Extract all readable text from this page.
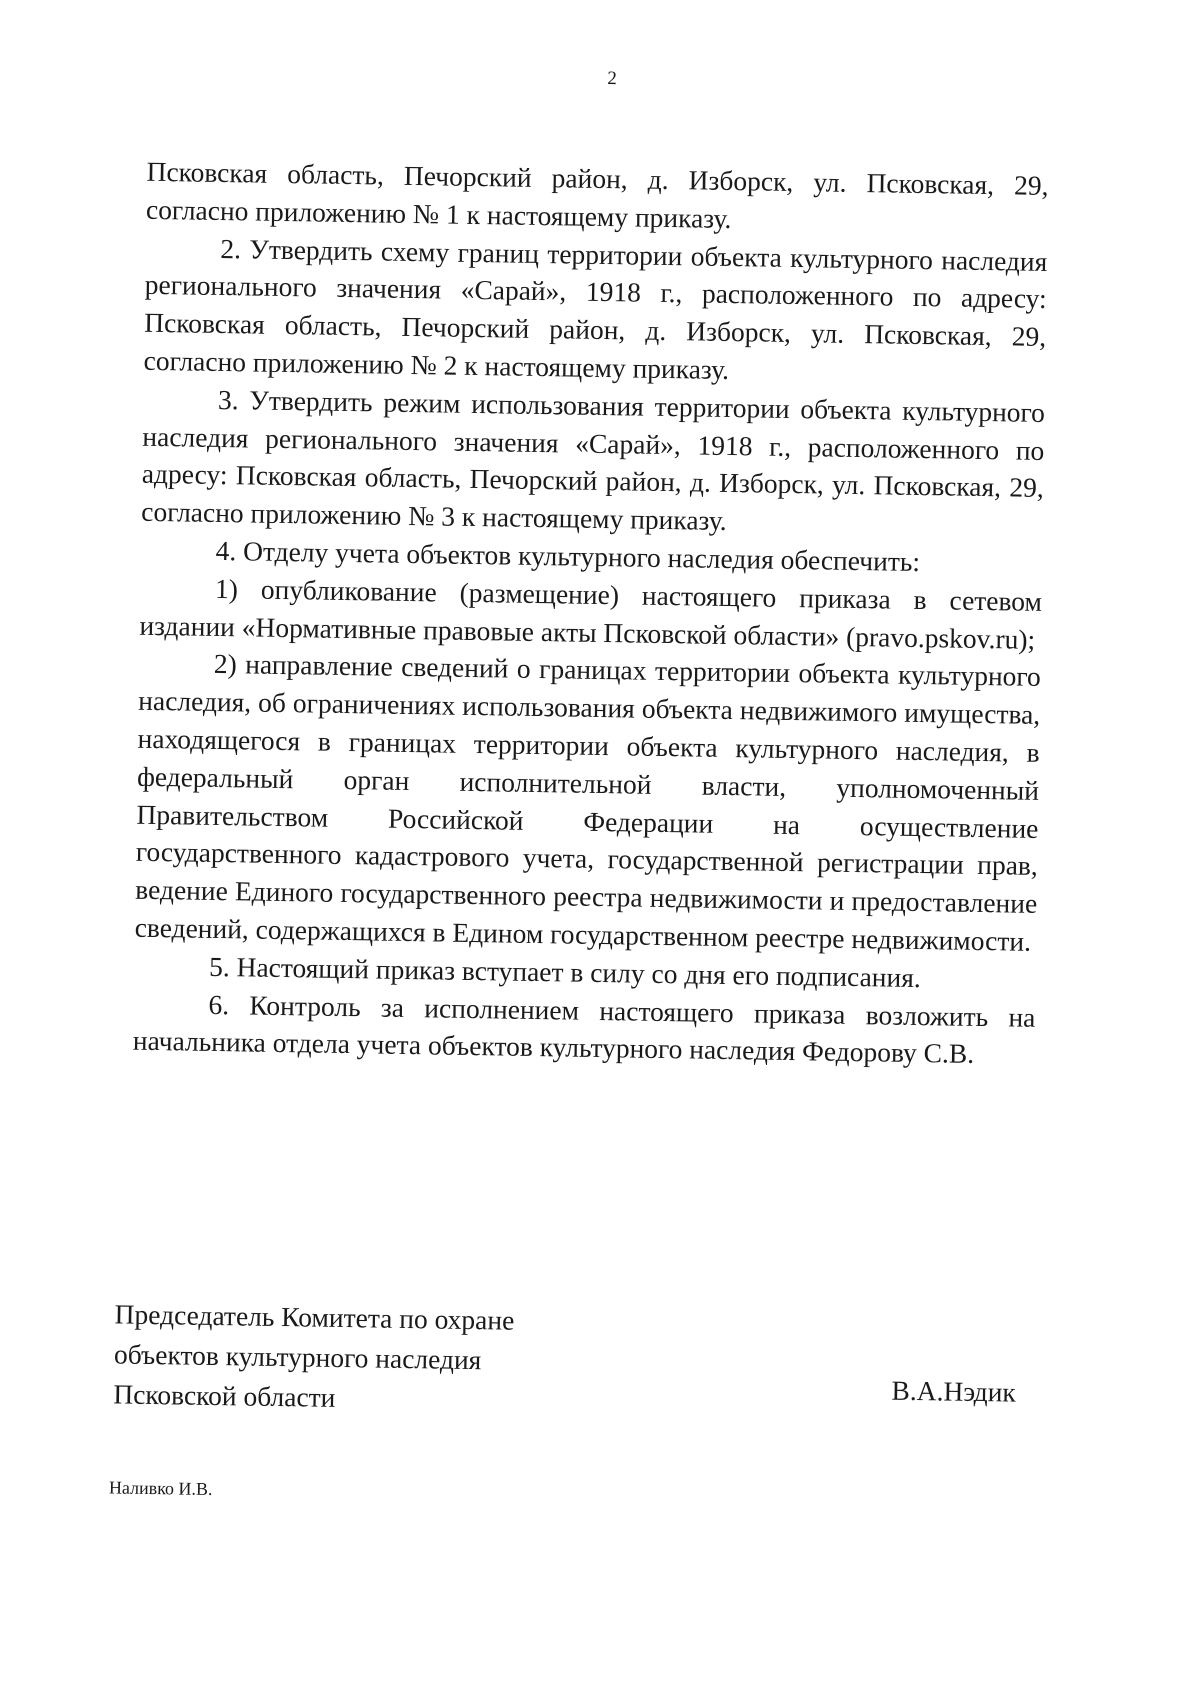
2

Псковская область, Печорский район, д. Изборск, ул. Псковская, 29, согласно приложению № 1 к настоящему приказу.

2. Утвердить схему границ территории объекта культурного наследия регионального значения «Сарай», 1918 г., расположенного по адресу: Псковская область, Печорский район, д. Изборск, ул. Псковская, 29, согласно приложению № 2 к настоящему приказу.

3. Утвердить режим использования территории объекта культурного наследия регионального значения «Сарай», 1918 г., расположенного по адресу: Псковская область, Печорский район, д. Изборск, ул. Псковская, 29, согласно приложению № 3 к настоящему приказу.

4. Отделу учета объектов культурного наследия обеспечить:

1) опубликование (размещение) настоящего приказа в сетевом издании «Нормативные правовые акты Псковской области» (pravo.pskov.ru);

2) направление сведений о границах территории объекта культурного наследия, об ограничениях использования объекта недвижимого имущества, находящегося в границах территории объекта культурного наследия, в федеральный орган исполнительной власти, уполномоченный Правительством Российской Федерации на осуществление государственного кадастрового учета, государственной регистрации прав, ведение Единого государственного реестра недвижимости и предоставление сведений, содержащихся в Едином государственном реестре недвижимости.

5. Настоящий приказ вступает в силу со дня его подписания.

6. Контроль за исполнением настоящего приказа возложить на начальника отдела учета объектов культурного наследия Федорову С.В.

Председатель Комитета по охране
объектов культурного наследия
Псковской области	В.А.Нэдик
Наливко И.В.
